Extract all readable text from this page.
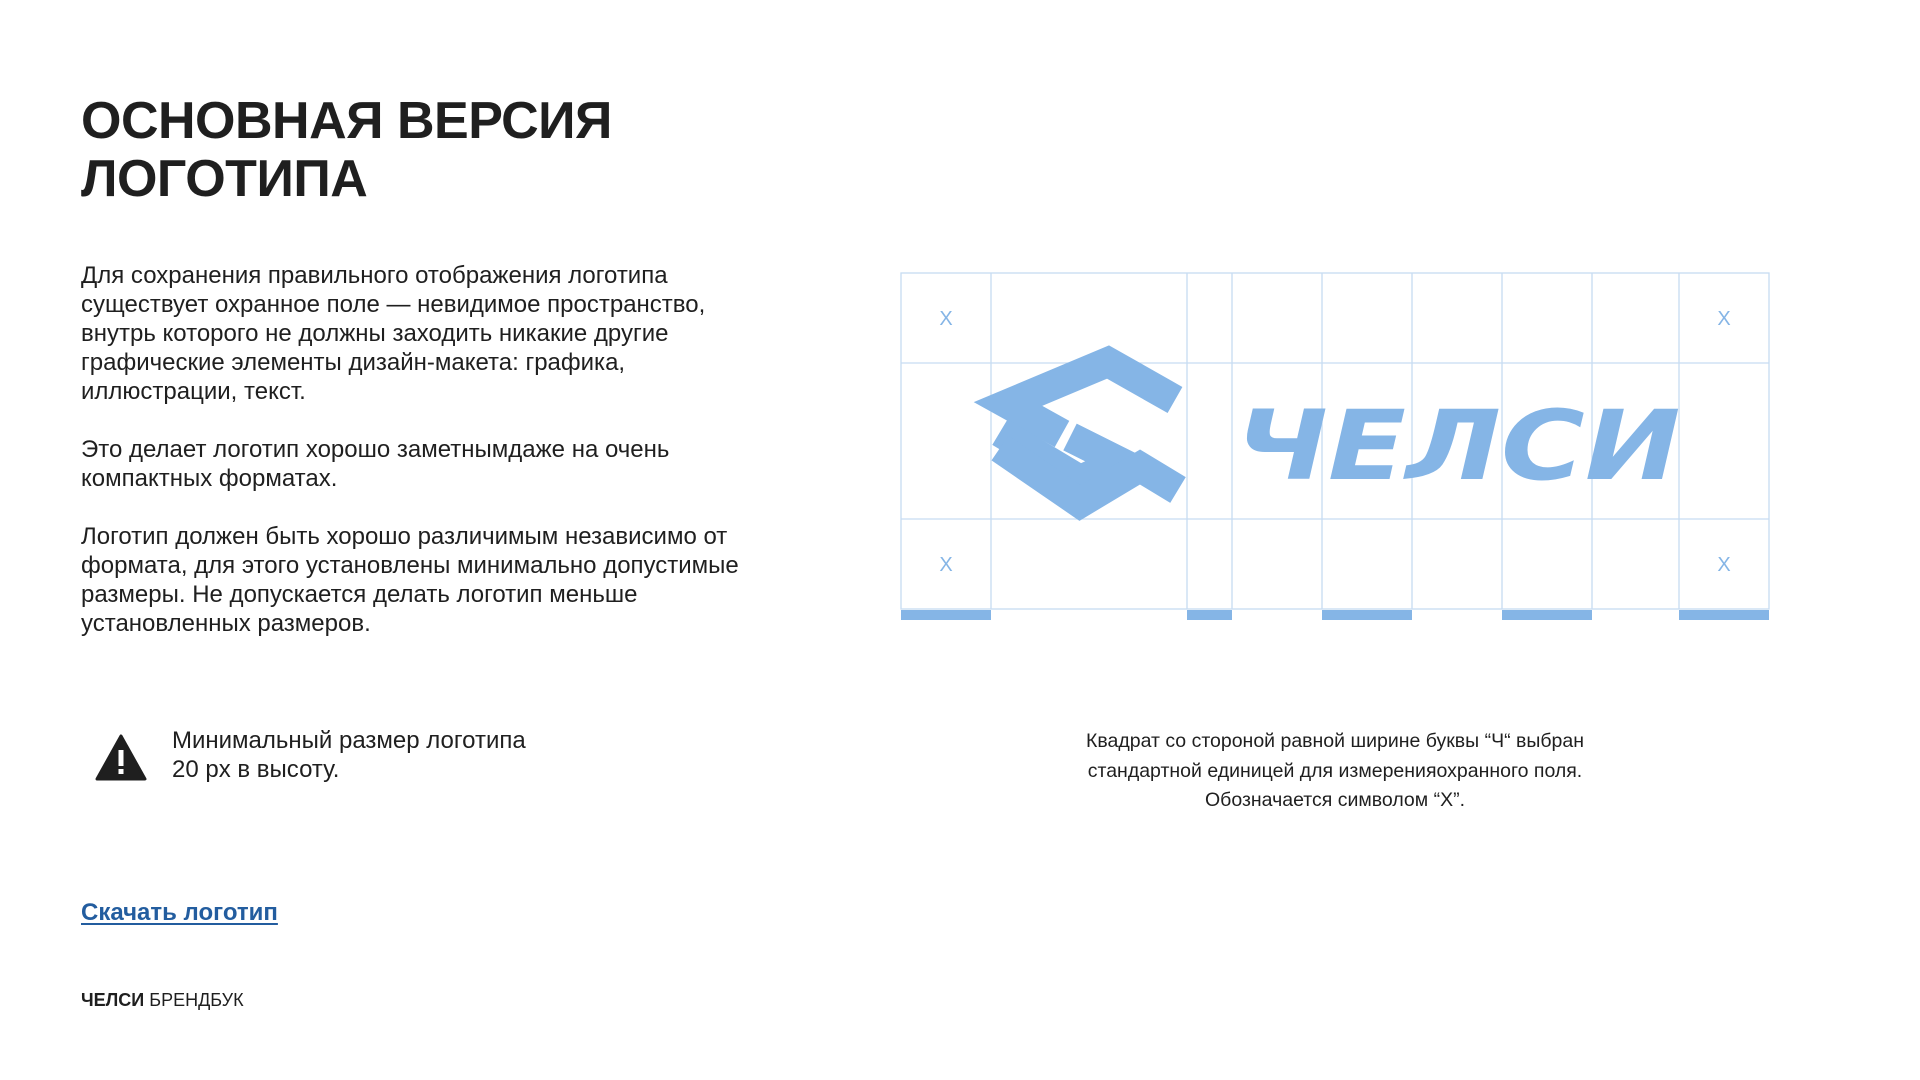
ОСНОВНАЯ ВЕРСИЯ
ЛОГОТИПА

Для сохранения правильного отображения логотипа существует охранное поле — невидимое пространство, внутрь которого не должны заходить никакие другие графические элементы дизайн-макета: графика, иллюстрации, текст.

Это делает логотип хорошо заметнымдаже на очень компактных форматах.

Логотип должен быть хорошо различимым независимо от формата, для этого установлены минимально допустимые размеры. Не допускается делать логотип меньше установленных размеров.

Минимальный размер логотипа
20 px в высоту.
Скачать логотип
ЧЕЛСИ БРЕНДБУК
X	X
X	X
ЧЕЛСИ
Квадрат со стороной равной ширине буквы “Ч“ выбран
стандартной единицей для измеренияохранного поля.
Обозначается символом “X”.
